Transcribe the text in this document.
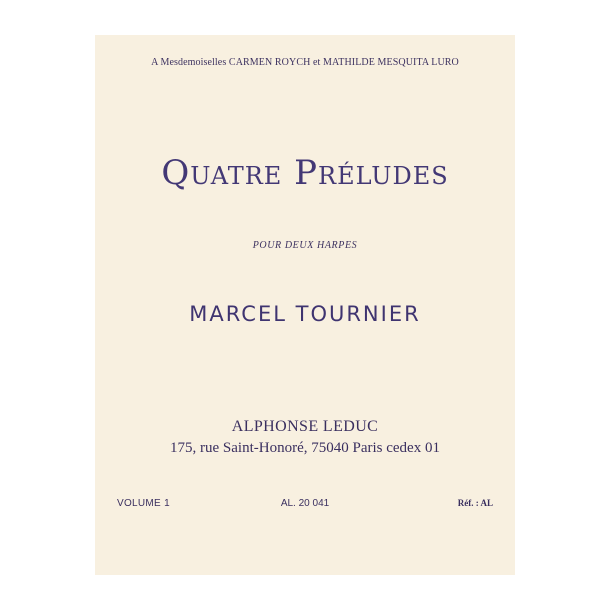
A Mesdemoiselles CARMEN ROYCH et MATHILDE MESQUITA LURO
Quatre Préludes
POUR DEUX HARPES
MARCEL TOURNIER
ALPHONSE LEDUC
175, rue Saint-Honoré, 75040 Paris cedex 01
VOLUME 1	AL. 20 041	Réf. : AL
